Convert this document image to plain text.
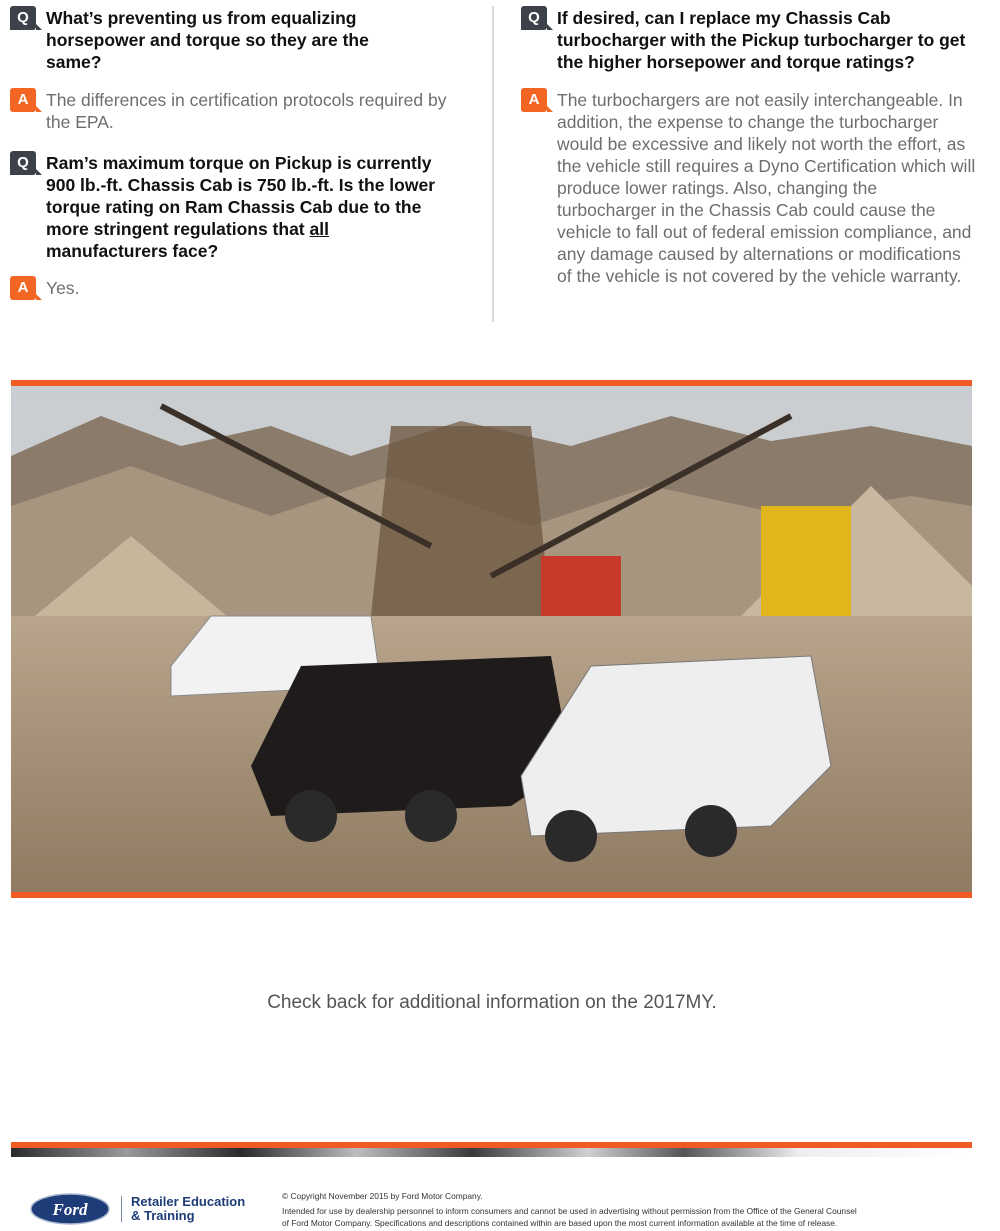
Q What’s preventing us from equalizing horsepower and torque so they are the same?
A	The differences in certification protocols required by the EPA.
Q Ram’s maximum torque on Pickup is currently 900 lb.-ft. Chassis Cab is 750 lb.-ft. Is the lower torque rating on Ram Chassis Cab due to the more stringent regulations that all manufacturers face?
A	Yes.
Q If desired, can I replace my Chassis Cab turbocharger with the Pickup turbocharger to get the higher horsepower and torque ratings?
A	The turbochargers are not easily interchangeable. In addition, the expense to change the turbocharger would be excessive and likely not worth the effort, as the vehicle still requires a Dyno Certification which will produce lower ratings. Also, changing the turbocharger in the Chassis Cab could cause the vehicle to fall out of federal emission compliance, and any damage caused by alternations or modifications of the vehicle is not covered by the vehicle warranty.
Check back for additional information on the 2017MY.
Ford	Retailer Education
& Training
© Copyright November 2015 by Ford Motor Company.
Intended for use by dealership personnel to inform consumers and cannot be used in advertising without permission from the Office of the General Counsel
of Ford Motor Company. Specifications and descriptions contained within are based upon the most current information available at the time of release.
